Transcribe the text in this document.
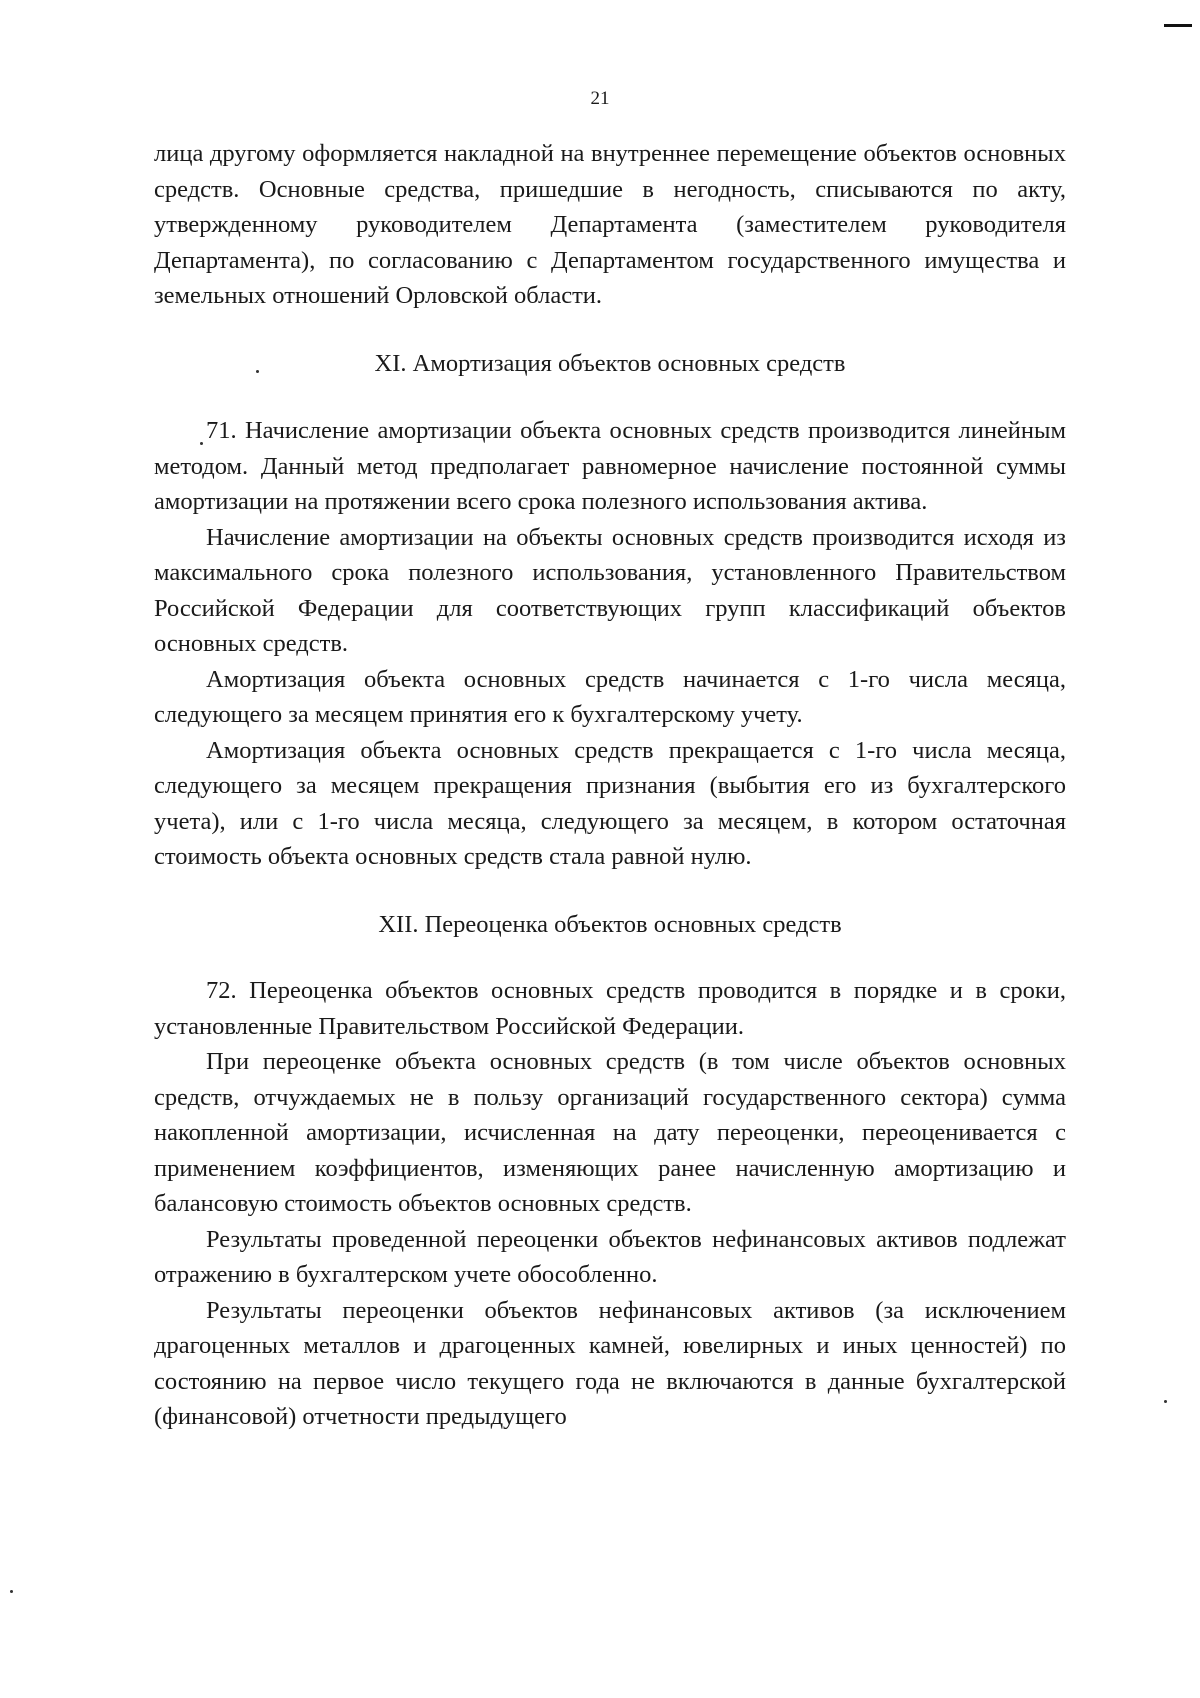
21

лица другому оформляется накладной на внутреннее перемещение объектов основных средств. Основные средства, пришедшие в негодность, списываются по акту, утвержденному руководителем Департамента (заместителем руководителя Департамента), по согласованию с Департаментом государственного имущества и земельных отношений Орловской области.

XI. Амортизация объектов основных средств

71. Начисление амортизации объекта основных средств производится линейным методом. Данный метод предполагает равномерное начисление постоянной суммы амортизации на протяжении всего срока полезного использования актива.

Начисление амортизации на объекты основных средств производится исходя из максимального срока полезного использования, установленного Правительством Российской Федерации для соответствующих групп классификаций объектов основных средств.

Амортизация объекта основных средств начинается с 1-го числа месяца, следующего за месяцем принятия его к бухгалтерскому учету.

Амортизация объекта основных средств прекращается с 1-го числа месяца, следующего за месяцем прекращения признания (выбытия его из бухгалтерского учета), или с 1-го числа месяца, следующего за месяцем, в котором остаточная стоимость объекта основных средств стала равной нулю.

XII. Переоценка объектов основных средств

72. Переоценка объектов основных средств проводится в порядке и в сроки, установленные Правительством Российской Федерации.

При переоценке объекта основных средств (в том числе объектов основных средств, отчуждаемых не в пользу организаций государственного сектора) сумма накопленной амортизации, исчисленная на дату переоценки, переоценивается с применением коэффициентов, изменяющих ранее начисленную амортизацию и балансовую стоимость объектов основных средств.

Результаты проведенной переоценки объектов нефинансовых активов подлежат отражению в бухгалтерском учете обособленно.

Результаты переоценки объектов нефинансовых активов (за исключением драгоценных металлов и драгоценных камней, ювелирных и иных ценностей) по состоянию на первое число текущего года не включаются в данные бухгалтерской (финансовой) отчетности предыдущего
